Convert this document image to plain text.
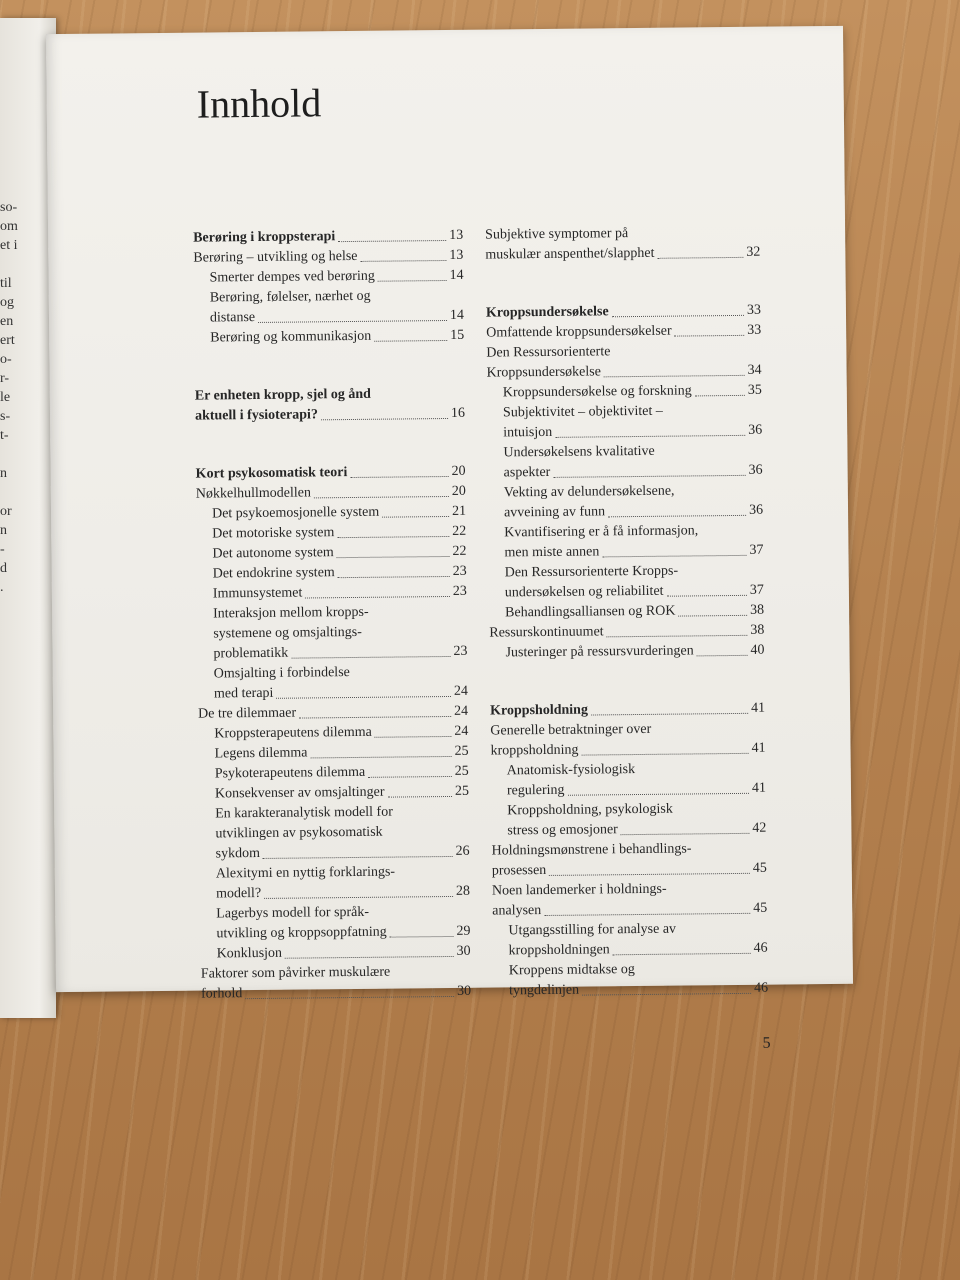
so-
om
et i
til
og
en
ert
o-
r-
le
s-
t-
n
or
n
-
d
.
Innhold
Berøring i kroppsterapi	13
Berøring – utvikling og helse	13
Smerter dempes ved berøring	14
Berøring, følelser, nærhet og
distanse	14
Berøring og kommunikasjon	15
Er enheten kropp, sjel og ånd
aktuell i fysioterapi?	16
Kort psykosomatisk teori	20
Nøkkelhullmodellen	20
Det psykoemosjonelle system	21
Det motoriske system	22
Det autonome system	22
Det endokrine system	23
Immunsystemet	23
Interaksjon mellom kropps-
systemene og omsjaltings-
problematikk	23
Omsjalting i forbindelse
med terapi	24
De tre dilemmaer	24
Kroppsterapeutens dilemma	24
Legens dilemma	25
Psykoterapeutens dilemma	25
Konsekvenser av omsjaltinger	25
En karakteranalytisk modell for
utviklingen av psykosomatisk
sykdom	26
Alexitymi en nyttig forklarings-
modell?	28
Lagerbys modell for språk-
utvikling og kroppsoppfatning	29
Konklusjon	30
Faktorer som påvirker muskulære
forhold	30
Subjektive symptomer på
muskulær anspenthet/slapphet	32
Kroppsundersøkelse	33
Omfattende kroppsundersøkelser	33
Den Ressursorienterte
Kroppsundersøkelse	34
Kroppsundersøkelse og forskning	35
Subjektivitet – objektivitet –
intuisjon	36
Undersøkelsens kvalitative
aspekter	36
Vekting av delundersøkelsene,
avveining av funn	36
Kvantifisering er å få informasjon,
men miste annen	37
Den Ressursorienterte Kropps-
undersøkelsen og reliabilitet	37
Behandlingsalliansen og ROK	38
Ressurskontinuumet	38
Justeringer på ressursvurderingen	40
Kroppsholdning	41
Generelle betraktninger over
kroppsholdning	41
Anatomisk-fysiologisk
regulering	41
Kroppsholdning, psykologisk
stress og emosjoner	42
Holdningsmønstrene i behandlings-
prosessen	45
Noen landemerker i holdnings-
analysen	45
Utgangsstilling for analyse av
kroppsholdningen	46
Kroppens midtakse og
tyngdelinjen	46
5
